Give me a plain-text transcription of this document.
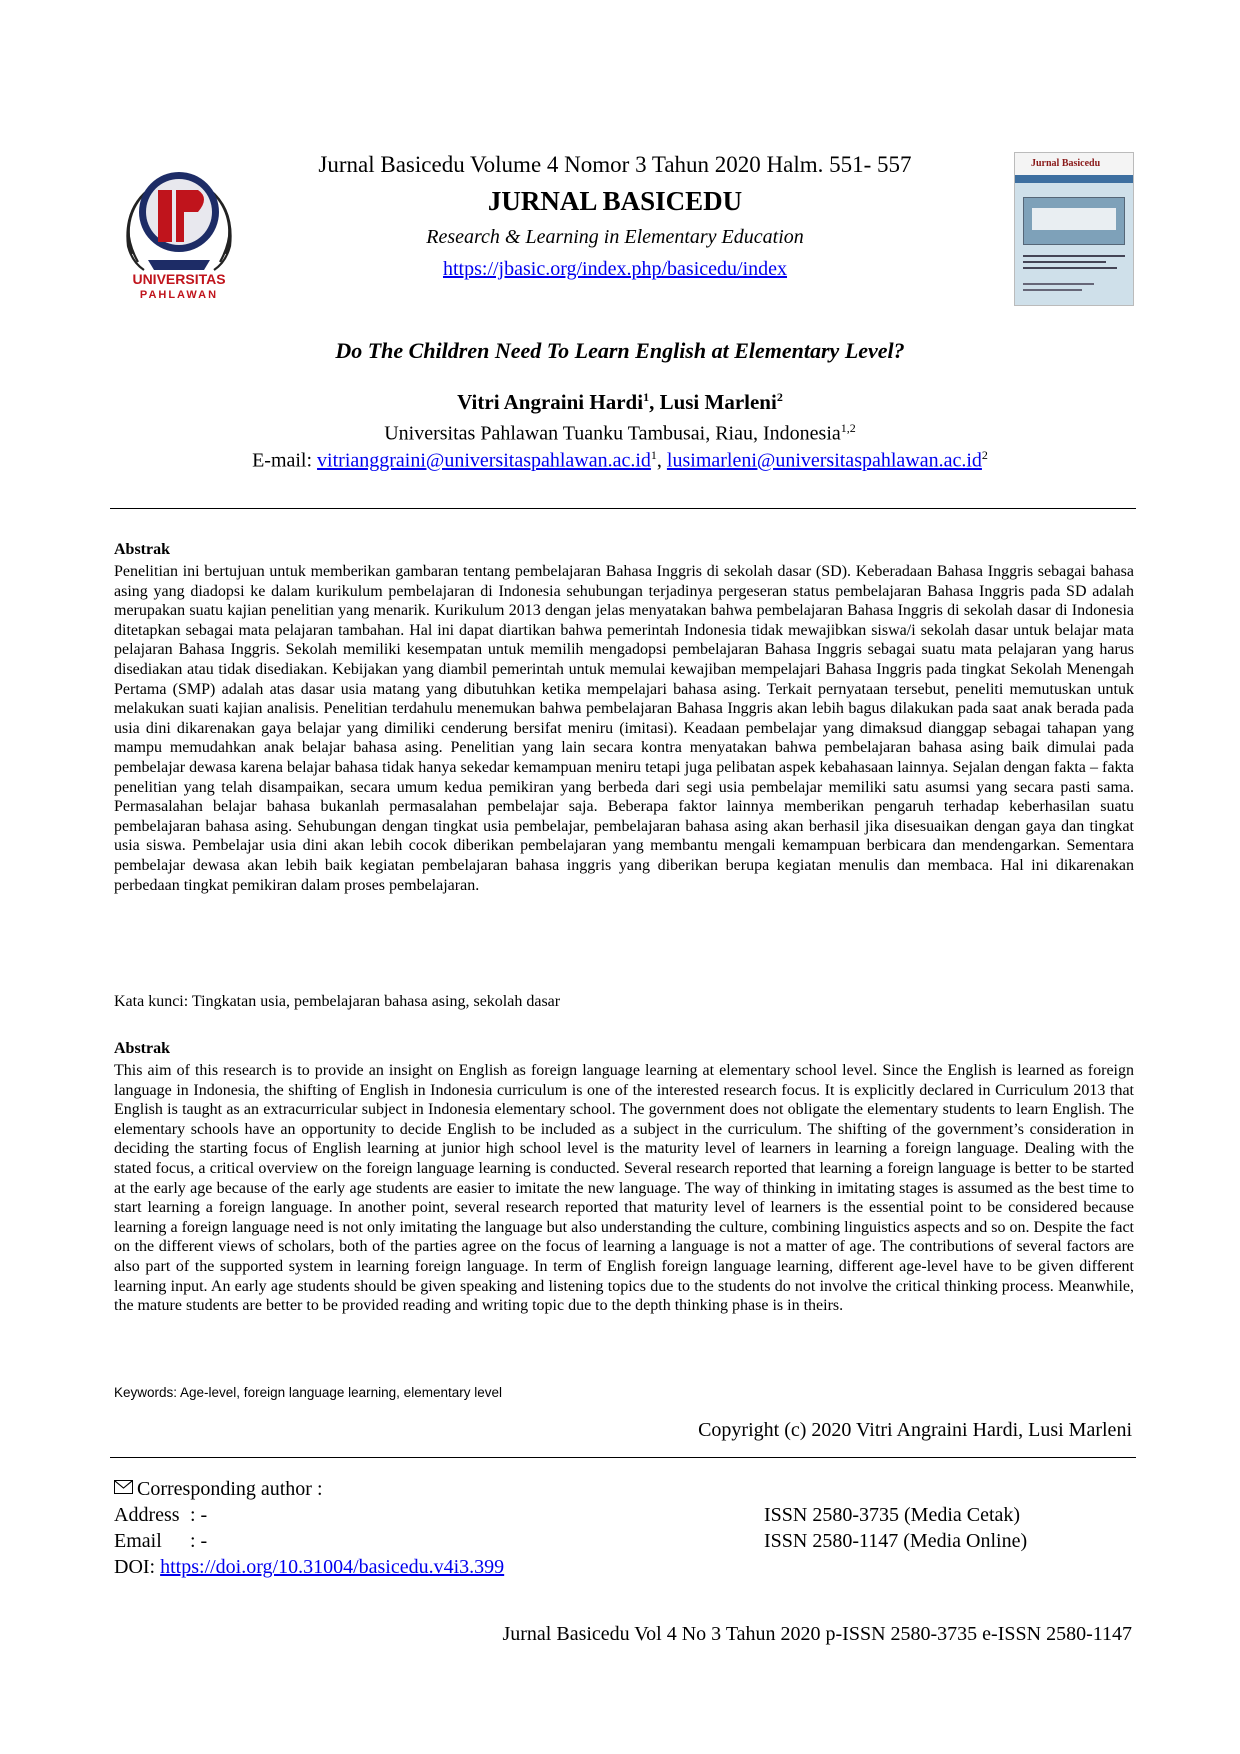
UNIVERSITAS
PAHLAWAN
Jurnal Basicedu Volume 4 Nomor 3 Tahun 2020 Halm. 551- 557
JURNAL BASICEDU
Research & Learning in Elementary Education
https://jbasic.org/index.php/basicedu/index
Jurnal Basicedu
Do The Children Need To Learn English at Elementary Level?
Vitri Angraini Hardi$^1$, Lusi Marleni$^2$
Universitas Pahlawan Tuanku Tambusai, Riau, Indonesia$^{1,2}$
E-mail: $vitrianggraini@universitaspahlawan.ac.id^1$, $lusimarleni@universitaspahlawan.ac.id^2$
Abstrak
Penelitian ini bertujuan untuk memberikan gambaran tentang pembelajaran Bahasa Inggris di sekolah dasar (SD). Keberadaan Bahasa Inggris sebagai bahasa asing yang diadopsi ke dalam kurikulum pembelajaran di Indonesia sehubungan terjadinya pergeseran status pembelajaran Bahasa Inggris pada SD adalah merupakan suatu kajian penelitian yang menarik. Kurikulum 2013 dengan jelas menyatakan bahwa pembelajaran Bahasa Inggris di sekolah dasar di Indonesia ditetapkan sebagai mata pelajaran tambahan. Hal ini dapat diartikan bahwa pemerintah Indonesia tidak mewajibkan siswa/i sekolah dasar untuk belajar mata pelajaran Bahasa Inggris. Sekolah memiliki kesempatan untuk memilih mengadopsi pembelajaran Bahasa Inggris sebagai suatu mata pelajaran yang harus disediakan atau tidak disediakan. Kebijakan yang diambil pemerintah untuk memulai kewajiban mempelajari Bahasa Inggris pada tingkat Sekolah Menengah Pertama (SMP) adalah atas dasar usia matang yang dibutuhkan ketika mempelajari bahasa asing. Terkait pernyataan tersebut, peneliti memutuskan untuk melakukan suati kajian analisis. Penelitian terdahulu menemukan bahwa pembelajaran Bahasa Inggris akan lebih bagus dilakukan pada saat anak berada pada usia dini dikarenakan gaya belajar yang dimiliki cenderung bersifat meniru (imitasi). Keadaan pembelajar yang dimaksud dianggap sebagai tahapan yang mampu memudahkan anak belajar bahasa asing. Penelitian yang lain secara kontra menyatakan bahwa pembelajaran bahasa asing baik dimulai pada pembelajar dewasa karena belajar bahasa tidak hanya sekedar kemampuan meniru tetapi juga pelibatan aspek kebahasaan lainnya. Sejalan dengan fakta – fakta penelitian yang telah disampaikan, secara umum kedua pemikiran yang berbeda dari segi usia pembelajar memiliki satu asumsi yang secara pasti sama. Permasalahan belajar bahasa bukanlah permasalahan pembelajar saja. Beberapa faktor lainnya memberikan pengaruh terhadap keberhasilan suatu pembelajaran bahasa asing. Sehubungan dengan tingkat usia pembelajar, pembelajaran bahasa asing akan berhasil jika disesuaikan dengan gaya dan tingkat usia siswa. Pembelajar usia dini akan lebih cocok diberikan pembelajaran yang membantu mengali kemampuan berbicara dan mendengarkan. Sementara pembelajar dewasa akan lebih baik kegiatan pembelajaran bahasa inggris yang diberikan berupa kegiatan menulis dan membaca. Hal ini dikarenakan perbedaan tingkat pemikiran dalam proses pembelajaran.
Kata kunci: Tingkatan usia, pembelajaran bahasa asing, sekolah dasar
Abstrak
This aim of this research is to provide an insight on English as foreign language learning at elementary school level. Since the English is learned as foreign language in Indonesia, the shifting of English in Indonesia curriculum is one of the interested research focus. It is explicitly declared in Curriculum 2013 that English is taught as an extracurricular subject in Indonesia elementary school. The government does not obligate the elementary students to learn English. The elementary schools have an opportunity to decide English to be included as a subject in the curriculum. The shifting of the government’s consideration in deciding the starting focus of English learning at junior high school level is the maturity level of learners in learning a foreign language. Dealing with the stated focus, a critical overview on the foreign language learning is conducted. Several research reported that learning a foreign language is better to be started at the early age because of the early age students are easier to imitate the new language. The way of thinking in imitating stages is assumed as the best time to start learning a foreign language. In another point, several research reported that maturity level of learners is the essential point to be considered because learning a foreign language need is not only imitating the language but also understanding the culture, combining linguistics aspects and so on. Despite the fact on the different views of scholars, both of the parties agree on the focus of learning a language is not a matter of age. The contributions of several factors are also part of the supported system in learning foreign language. In term of English foreign language learning, different age-level have to be given different learning input. An early age students should be given speaking and listening topics due to the students do not involve the critical thinking process. Meanwhile, the mature students are better to be provided reading and writing topic due to the depth thinking phase is in theirs.
Keywords: Age-level, foreign language learning, elementary level
Copyright (c) 2020 Vitri Angraini Hardi, Lusi Marleni
Corresponding author :
Address : -
Email : -
DOI: https://doi.org/10.31004/basicedu.v4i3.399
ISSN 2580-3735 (Media Cetak)
ISSN 2580-1147 (Media Online)
Jurnal Basicedu Vol 4 No 3 Tahun 2020 p-ISSN 2580-3735 e-ISSN 2580-1147
